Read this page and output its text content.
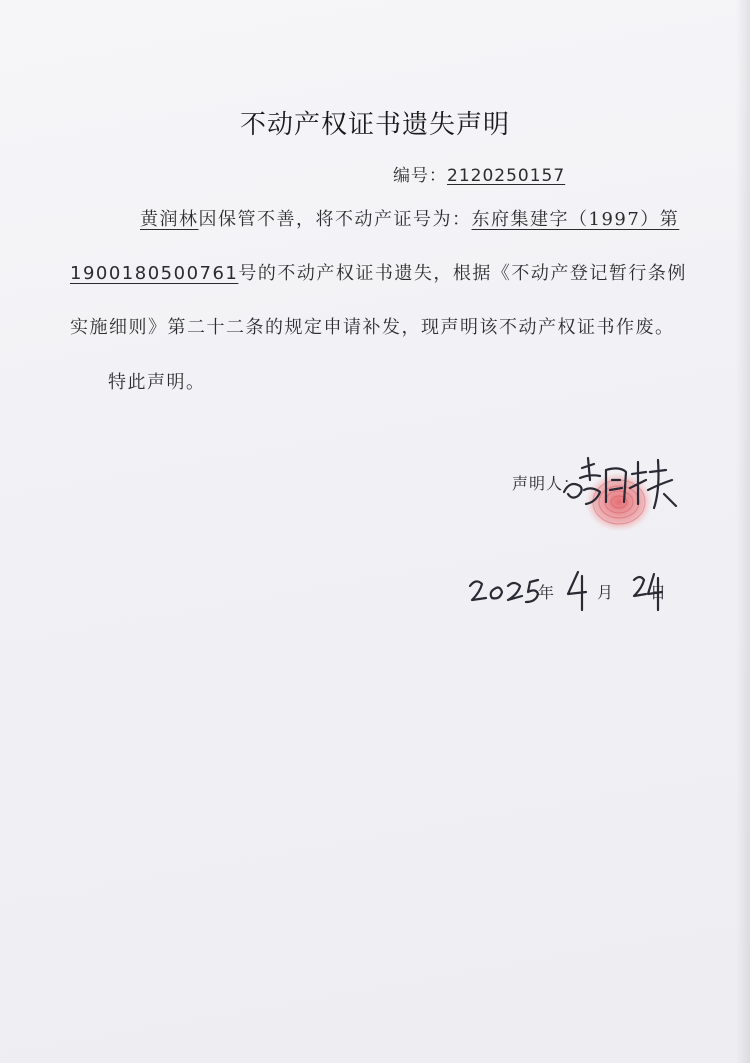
不动产权证书遗失声明
编号：2120250157
黄润林因保管不善，将不动产证号为：东府集建字（1997）第
1900180500761号的不动产权证书遗失，根据《不动产登记暂行条例
实施细则》第二十二条的规定申请补发，现声明该不动产权证书作废。
特此声明。
声明人：
年	月 日
